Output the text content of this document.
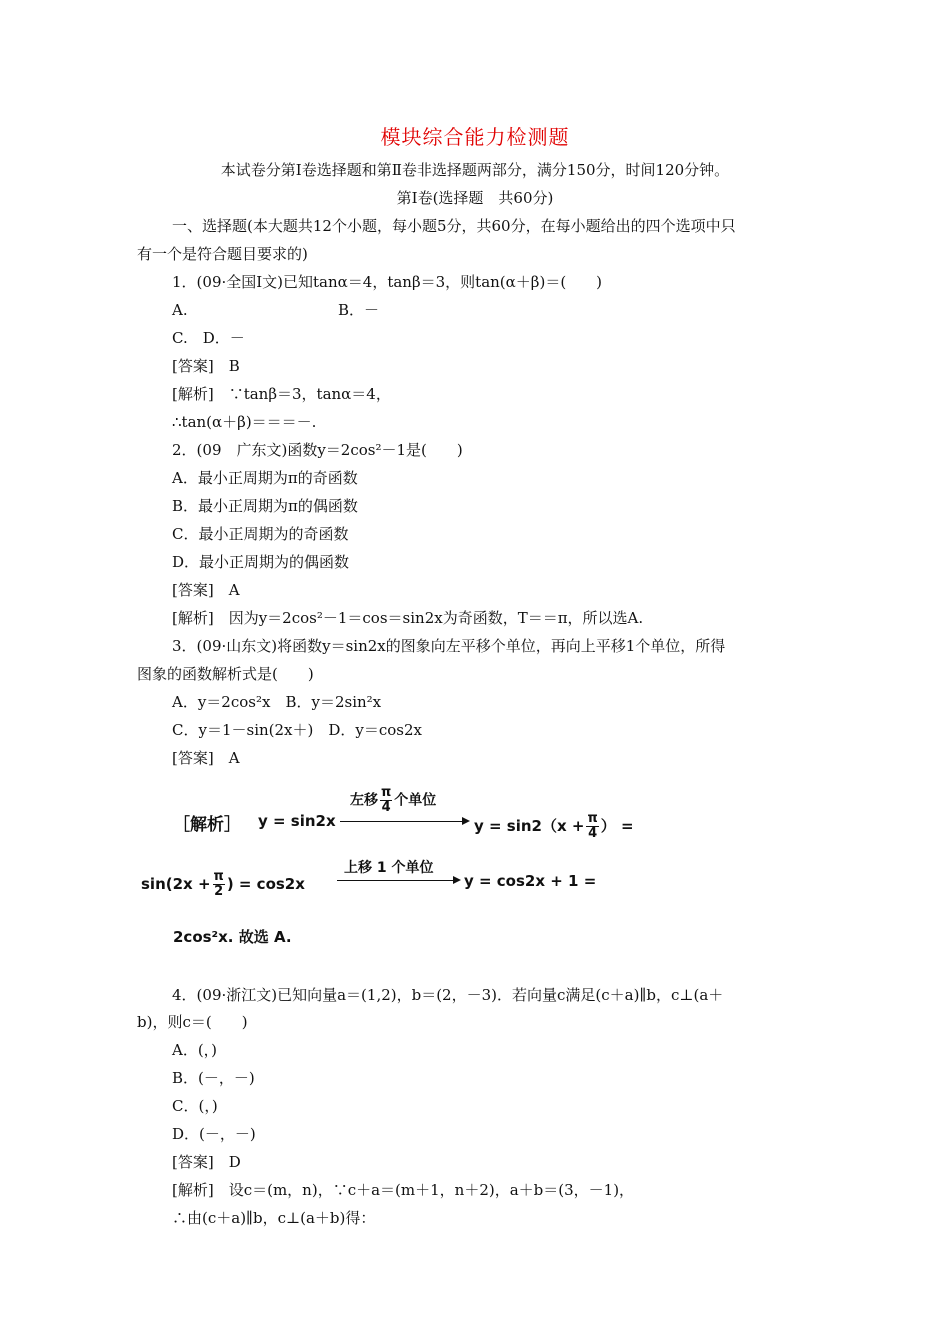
模块综合能力检测题
本试卷分第Ⅰ卷选择题和第Ⅱ卷非选择题两部分，满分150分，时间120分钟。
第Ⅰ卷(选择题　共60分)
一、选择题(本大题共12个小题，每小题5分，共60分，在每小题给出的四个选项中只
有一个是符合题目要求的)
1．(09·全国Ⅰ文)已知tanα＝4，tanβ＝3，则tan(α＋β)＝(　　)
A.	B．－
C.　D．－
[答案]　B
[解析]　∵tanβ＝3，tanα＝4，
∴tan(α＋β)＝＝＝－.
2．(09　广东文)函数y＝2cos²－1是(　　)
A．最小正周期为π的奇函数
B．最小正周期为π的偶函数
C．最小正周期为的奇函数
D．最小正周期为的偶函数
[答案]　A
[解析]　因为y＝2cos²－1＝cos＝sin2x为奇函数，T＝＝π，所以选A.
3．(09·山东文)将函数y＝sin2x的图象向左平移个单位，再向上平移1个单位，所得
图象的函数解析式是(　　)
A．y＝2cos²x　B．y＝2sin²x
C．y＝1－sin(2x＋)　D．y＝cos2x
[答案]　A
［解析］ y = sin2x
左移 $\frac{\pi}{4}$ 个单位
$y = \sin 2(x + \frac{\pi}{4}$ ） =
$\sin(2x + \frac{\pi}{2}$ ) = cos2x
上移 1 个单位
y = cos2x + 1 =
2cos²x. 故选 A.
4．(09·浙江文)已知向量a＝(1,2)，b＝(2，－3)．若向量c满足(c＋a)∥b，c⊥(a＋
b)，则c＝(　　)
A．(，)
B．(－，－)
C．(，)
D．(－，－)
[答案]　D
[解析]　设c＝(m，n)，∵c＋a＝(m＋1，n＋2)，a＋b＝(3，－1)，
∴由(c＋a)∥b，c⊥(a＋b)得：
